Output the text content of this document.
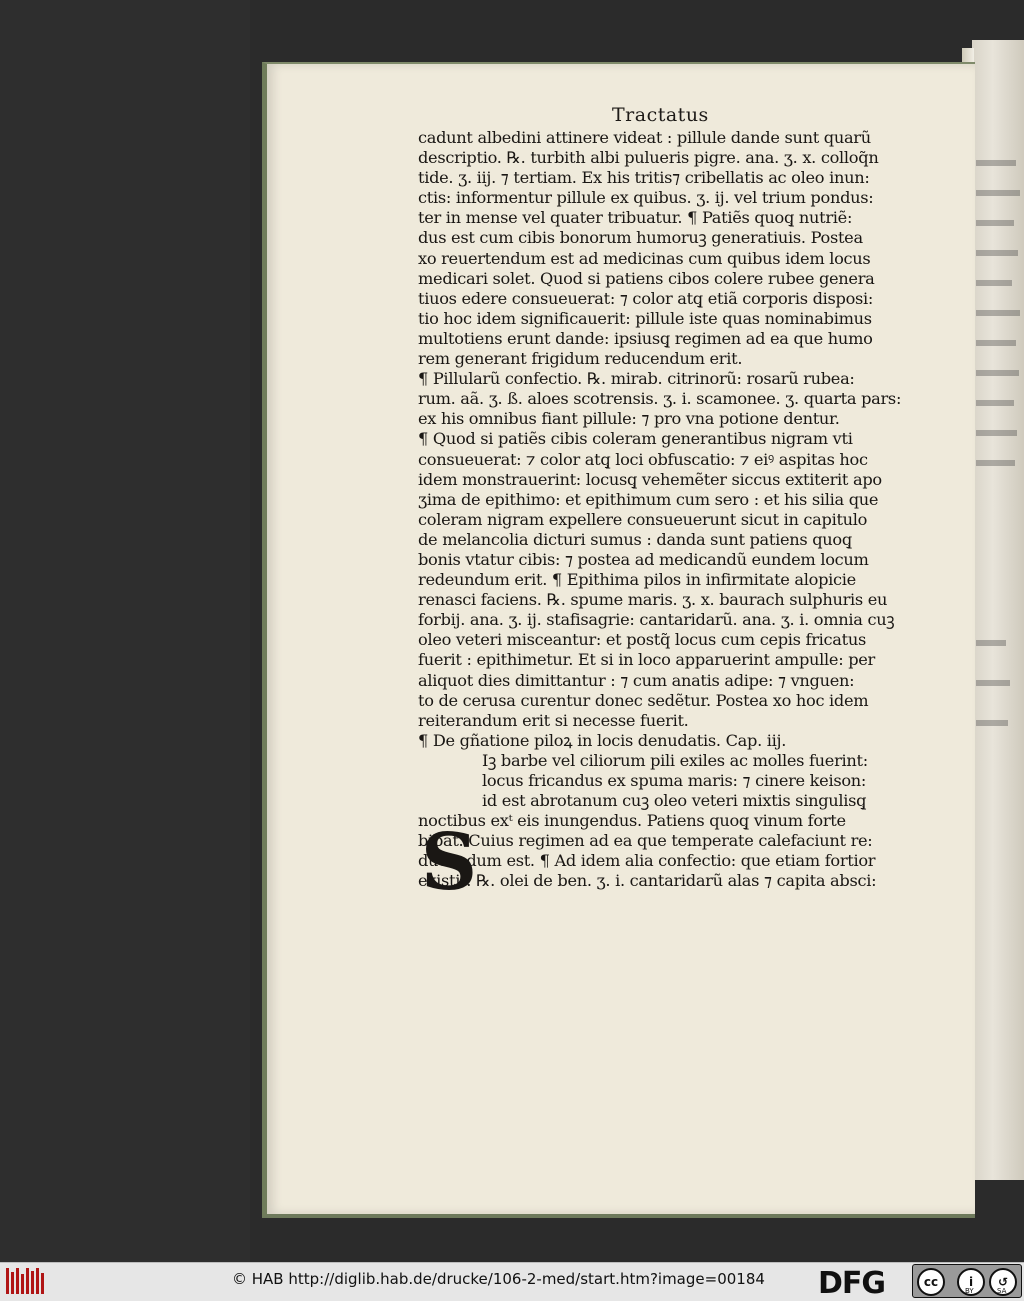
Tractatus
cadunt albedini attinere videat : pillule dande sunt quarũ
descriptio. ℞. turbith albi pulueris pigre. ana. ʒ. x. colloq̃n
tide. ʒ. iij. ⁊ tertiam. Ex his tritis⁊ cribellatis ac oleo inun:
ctis: informentur pillule ex quibus. ʒ. ij. vel trium pondus:
ter in mense vel quater tribuatur. ¶ Patiẽs quoq̧ nutriẽ:
dus est cum cibis bonorum humoruꝫ generatiuis. Postea
xo reuertendum est ad medicinas cum quibus idem locus
medicari solet. Quod si patiens cibos colere rubee genera
tiuos edere consueuerat: ⁊ color atq̧ etiã corporis disposi:
tio hoc idem significauerit: pillule iste quas nominabimus
multotiens erunt dande: ipsiusq̧ regimen ad ea que humo
rem generant frigidum reducendum erit.
¶ Pillularũ confectio. ℞. mirab. citrinorũ: rosarũ rubea:
rum. aã. ʒ. ß. aloes scotrensis. ʒ. i. scamonee. ʒ. quarta pars:
ex his omnibus fiant pillule: ⁊ pro vna potione dentur.
¶ Quod si patiẽs cibis coleram generantibus nigram vti
consueuerat: ⁊ color atq̧ loci obfuscatio: ⁊ eiꝰ aspitas hoc
idem monstrauerint: locusq̧ vehemẽter siccus extiterit apo
ʒima de epithimo: et epithimum cum sero : et his silia que
coleram nigram expellere consueuerunt sicut in capitulo
de melancolia dicturi sumus : danda sunt patiens quoq̧
bonis vtatur cibis: ⁊ postea ad medicandũ eundem locum
redeundum erit. ¶ Epithima pilos in infirmitate alopicie
renasci faciens. ℞. spume maris. ʒ. x. baurach sulphuris eu
forbij. ana. ʒ. ij. stafisagrie: cantaridarũ. ana. ʒ. i. omnia cuꝫ
oleo veteri misceantur: et postq̃ locus cum cepis fricatus
fuerit : epithimetur. Et si in loco apparuerint ampulle: per
aliquot dies dimittantur : ⁊ cum anatis adipe: ⁊ vnguen:
to de cerusa curentur donec sedẽtur. Postea xo hoc idem
reiterandum erit si necesse fuerit.
¶ De gñatione piloꝝ in locis denudatis. Cap. iij.
Iꝫ barbe vel ciliorum pili exiles ac molles fuerint:
locus fricandus ex spuma maris: ⁊ cinere keison:
id est abrotanum cuꝫ oleo veteri mixtis singulisq̧
noctibus exᵗ eis inungendus. Patiens quoq̧ vinum forte
bibat. Cuius regimen ad ea que temperate calefaciunt re:
ducendum est. ¶ Ad idem alia confectio: que etiam fortior
existit. ℞. olei de ben. ʒ. i. cantaridarũ alas ⁊ capita absci:
S
© HAB http://diglib.hab.de/drucke/106-2-med/start.htm?image=00184 DFG	cc	i	↺
BY	SA
